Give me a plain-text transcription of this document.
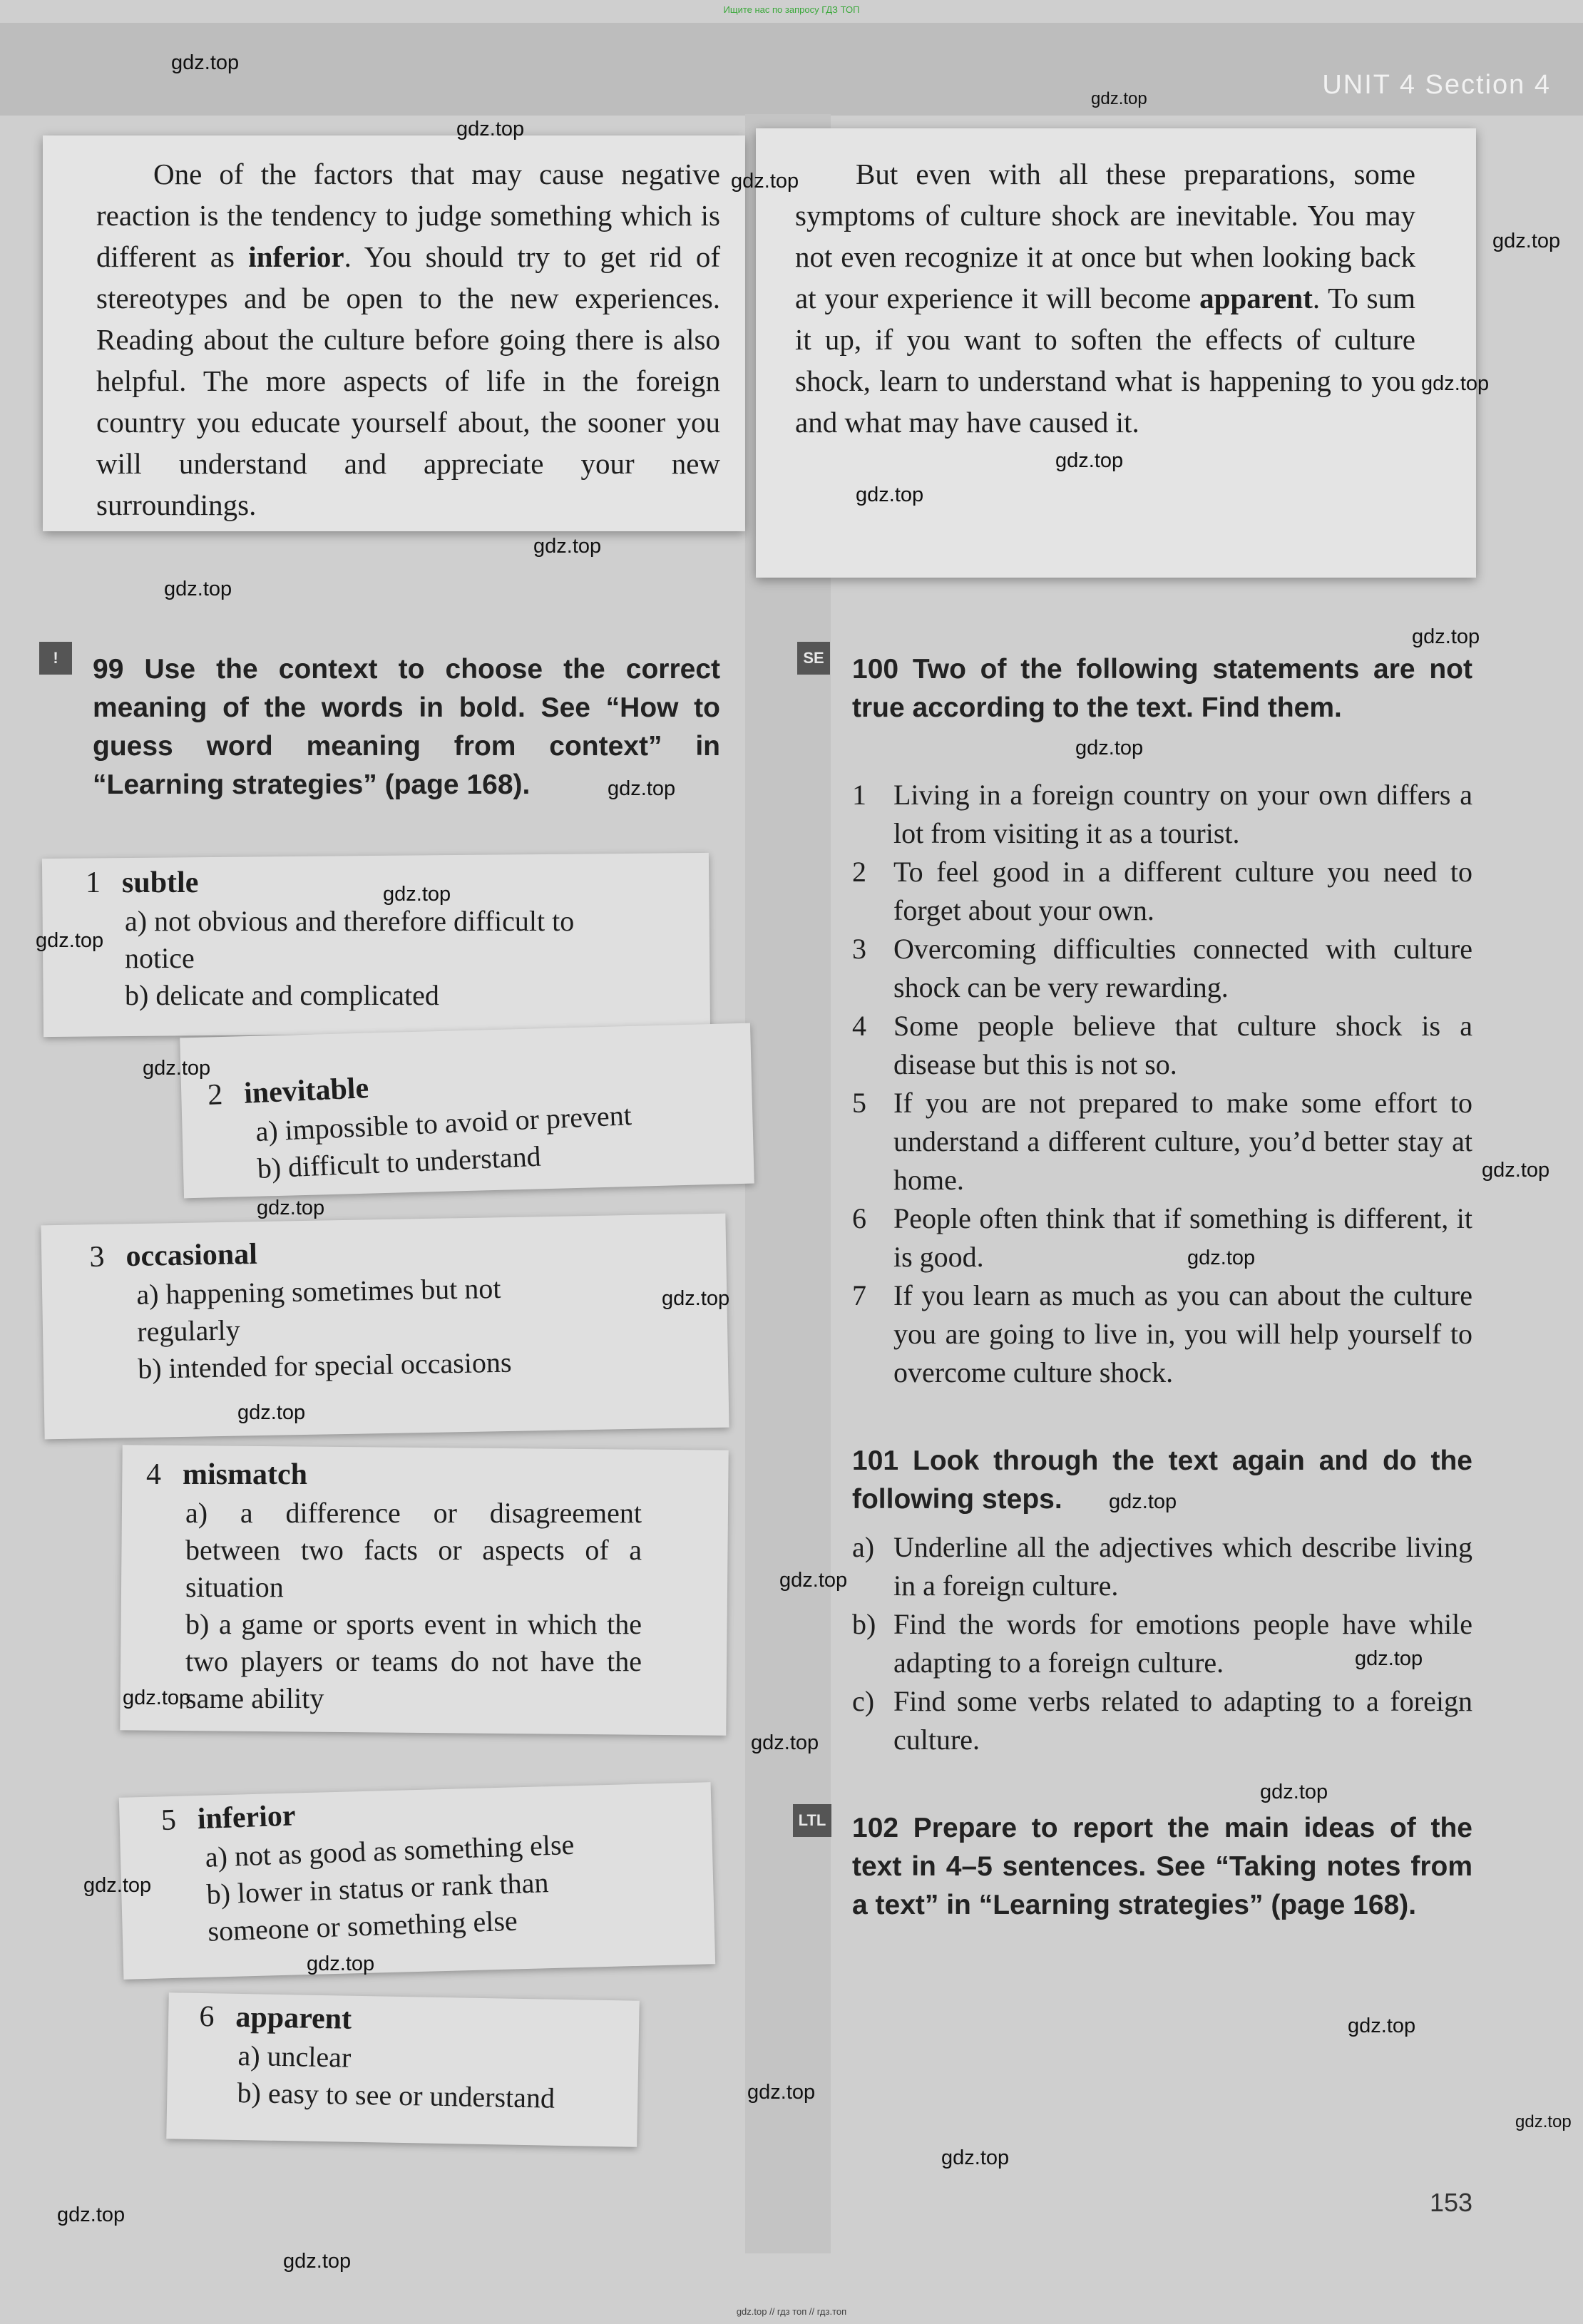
Ищите нас по запросу ГДЗ ТОП
UNIT 4 Section 4
One of the factors that may cause negative reaction is the tendency to judge something which is different as inferior. You should try to get rid of stereotypes and be open to the new experiences. Reading about the culture before going there is also helpful. The more aspects of life in the foreign country you educate yourself about, the sooner you will understand and appreciate your new surroundings.
But even with all these preparations, some symptoms of culture shock are inevitable. You may not even recognize it at once but when looking back at your experience it will become apparent. To sum it up, if you want to soften the effects of culture shock, learn to understand what is happening to you and what may have caused it.
!	99 Use the context to choose the correct meaning of the words in bold. See “How to guess word meaning from context” in “Learning strategies” (page 168).
1 subtle
a) not obvious and therefore difficult to notice
b) delicate and complicated
2 inevitable
a) impossible to avoid or prevent
b) difficult to understand
3 occasional
a) happening sometimes but not regularly
b) intended for special occasions
4 mismatch
a) a difference or disagreement between two facts or aspects of a situation
b) a game or sports event in which the two players or teams do not have the same ability
5 inferior
a) not as good as something else
b) lower in status or rank than someone or something else
6 apparent
a) unclear
b) easy to see or understand
SE 100 Two of the following statements are not true according to the text. Find them.
1 Living in a foreign country on your own differs a lot from visiting it as a tourist.
2 To feel good in a different culture you need to forget about your own.
3 Overcoming difficulties connected with culture shock can be very rewarding.
4 Some people believe that culture shock is a disease but this is not so.
5 If you are not prepared to make some effort to understand a different culture, you’d better stay at home.
6 People often think that if something is different, it is good.
7 If you learn as much as you can about the culture you are going to live in, you will help yourself to overcome culture shock.
101 Look through the text again and do the following steps.
a) Underline all the adjectives which describe living in a foreign culture.
b) Find the words for emotions people have while adapting to a foreign culture.
c) Find some verbs related to adapting to a foreign culture.
LTL 102 Prepare to report the main ideas of the text in 4–5 sentences. See “Taking notes from a text” in “Learning strategies” (page 168).
153
gdz.top
gdz.top
gdz.top
gdz.top
gdz.top
gdz.top
gdz.top
gdz.top
gdz.top
gdz.top
gdz.top
gdz.top
gdz.top
gdz.top
gdz.top
gdz.top
gdz.top
gdz.top
gdz.top
gdz.top
gdz.top
gdz.top
gdz.top
gdz.top
gdz.top
gdz.top
gdz.top
gdz.top
gdz.top
gdz.top
gdz.top
gdz.top
gdz.top
gdz.top
gdz.top
gdz.top // гдз топ // гдз.топ
